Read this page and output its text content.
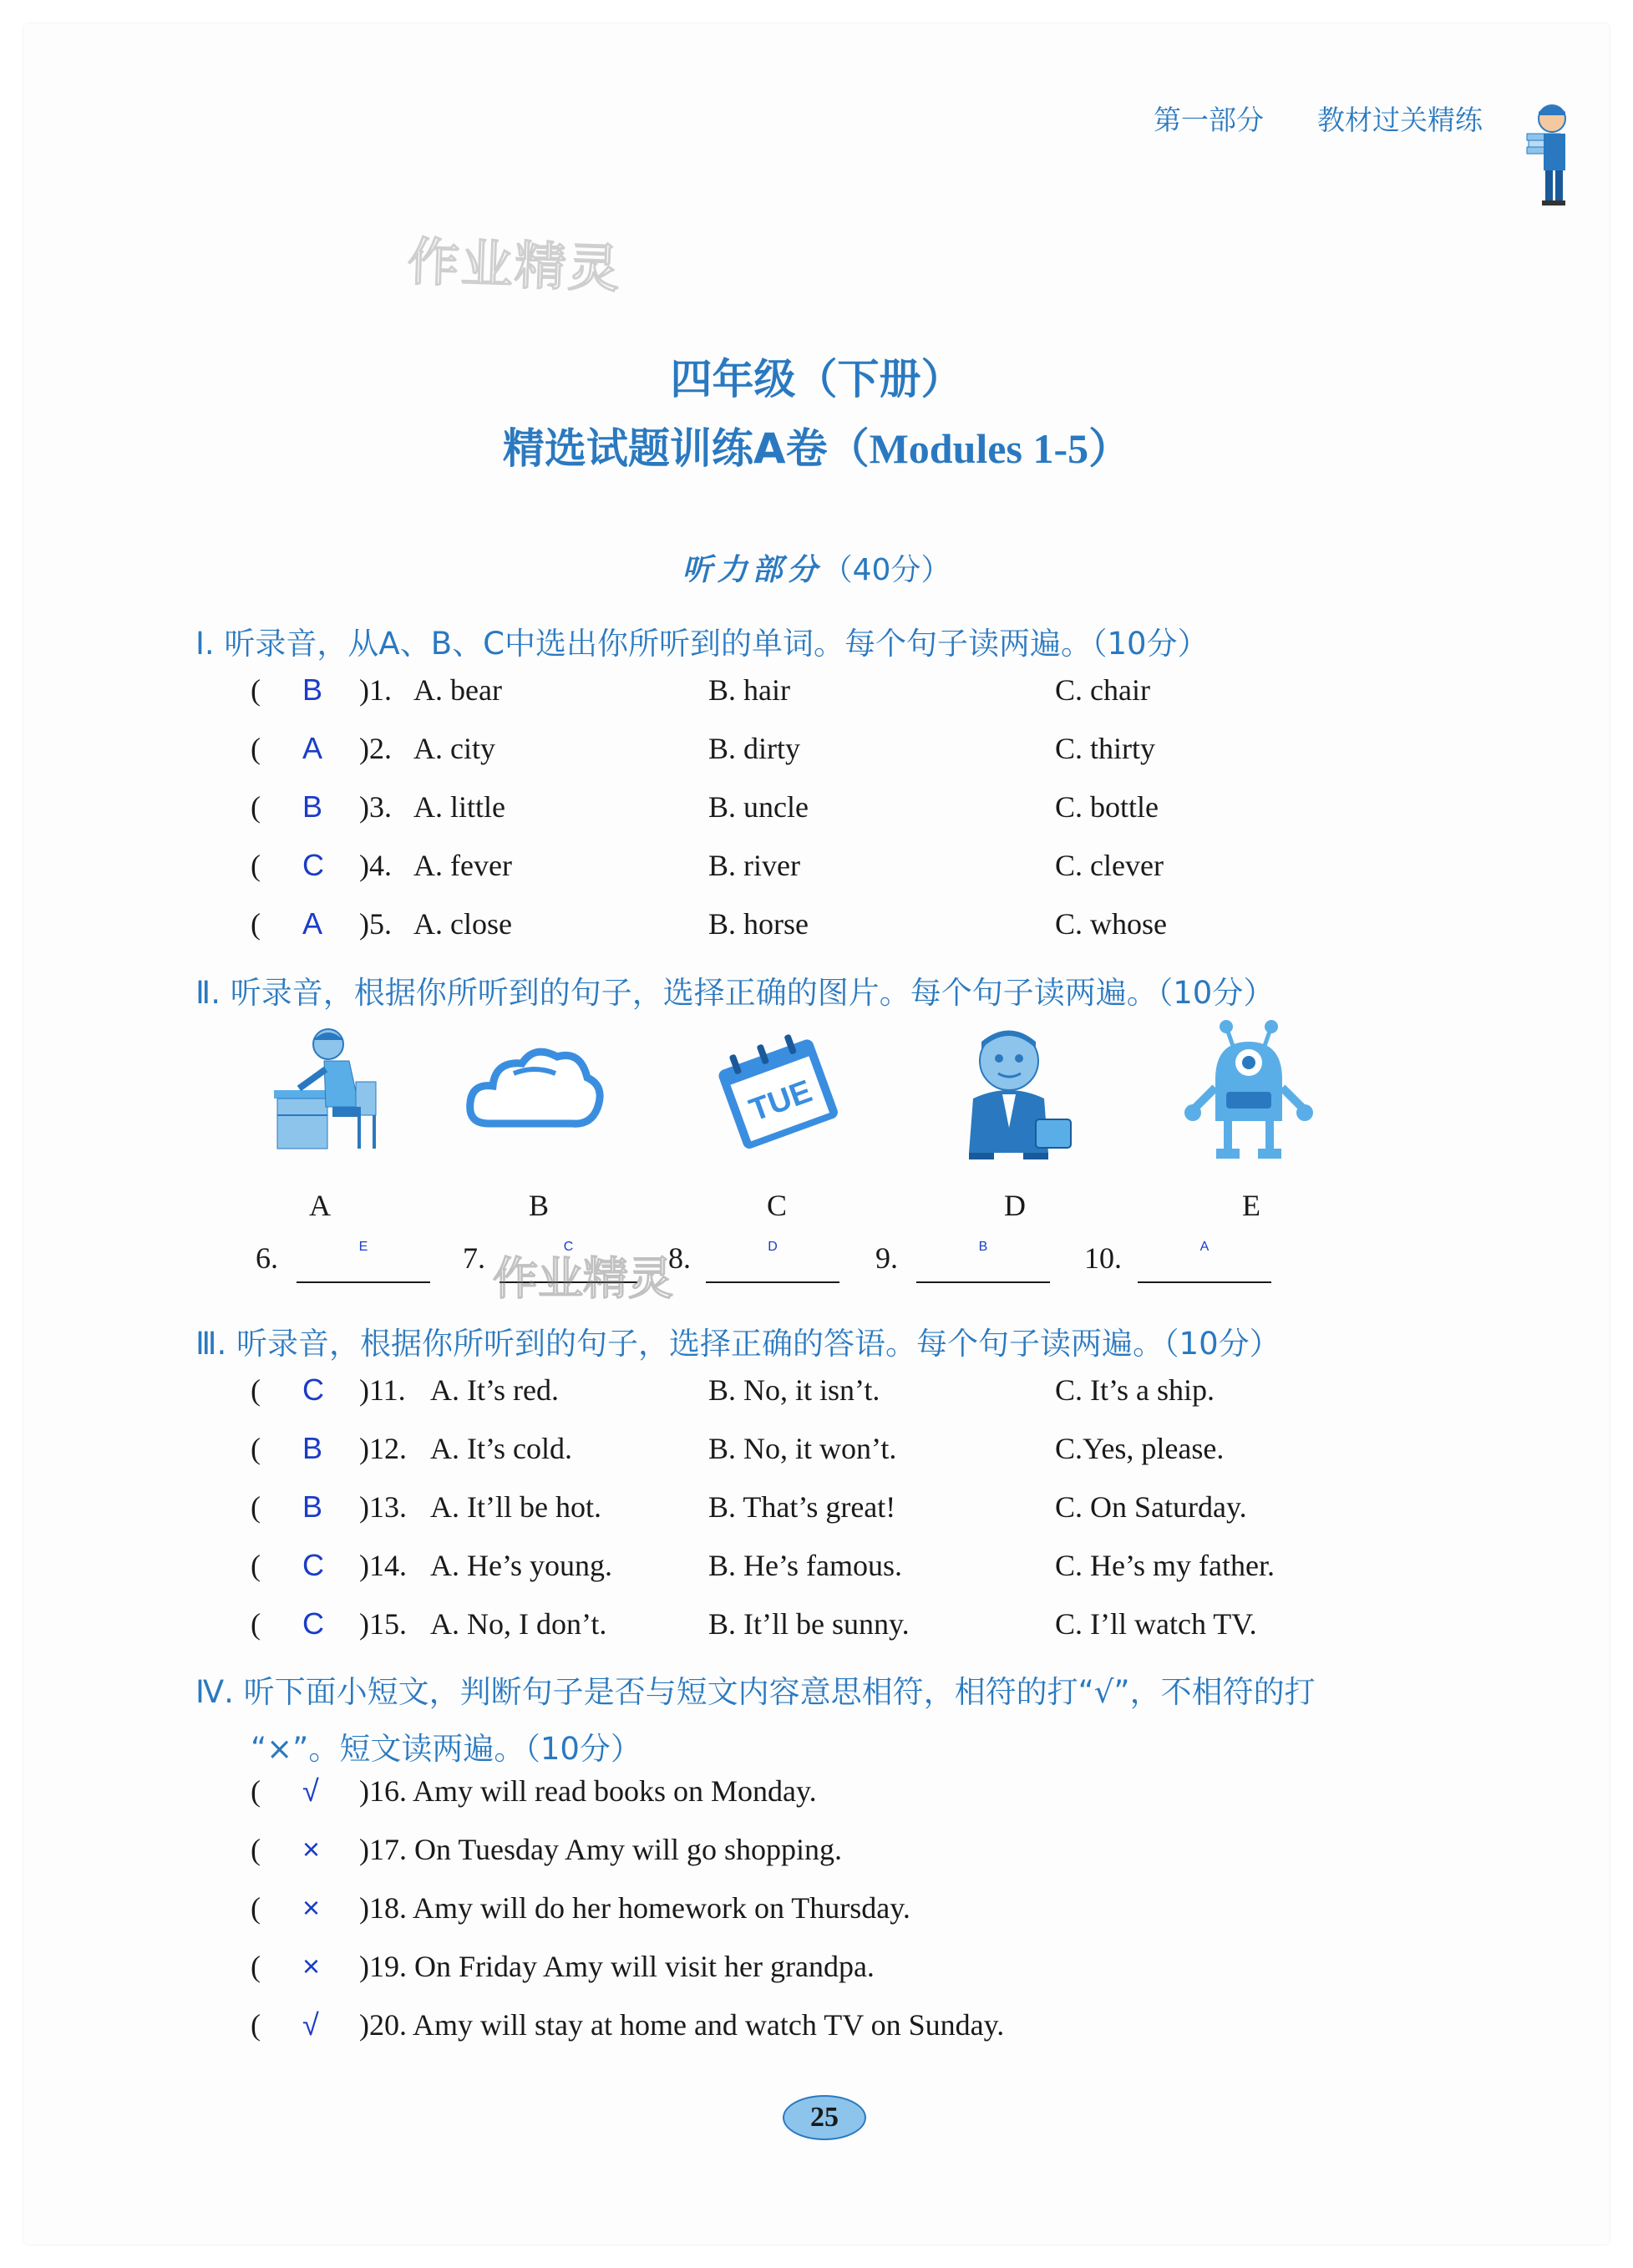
第一部分 教材过关精练
作业精灵
四年级（下册）
精选试题训练A卷（Modules 1-5）
听力部分（40分）
Ⅰ. 听录音，从A、B、C中选出你所听到的单词。每个句子读两遍。（10分）
( B )1. A. bear	B. hair	C. chair
( A )2. A. city	B. dirty	C. thirty
( B )3. A. little	B. uncle	C. bottle
( C )4. A. fever	B. river	C. clever
( A )5. A. close	B. horse	C. whose
Ⅱ. 听录音，根据你所听到的句子，选择正确的图片。每个句子读两遍。（10分）
TUE
A	B	C	D	E
6.	E	7.	C	8.	D	9.	B	10.	A
作业精灵
Ⅲ. 听录音，根据你所听到的句子，选择正确的答语。每个句子读两遍。（10分）
( C )11. A. It’s red.	B. No, it isn’t.	C. It’s a ship.
( B )12. A. It’s cold.	B. No, it won’t.	C.Yes, please.
( B )13. A. It’ll be hot.	B. That’s great!	C. On Saturday.
( C )14. A. He’s young.	B. He’s famous.	C. He’s my father.
( C )15. A. No, I don’t.	B. It’ll be sunny.	C. I’ll watch TV.
Ⅳ. 听下面小短文，判断句子是否与短文内容意思相符，相符的打“√”，不相符的打
“×”。短文读两遍。（10分）
( √ )16. Amy will read books on Monday.
( × )17. On Tuesday Amy will go shopping.
( × )18. Amy will do her homework on Thursday.
( × )19. On Friday Amy will visit her grandpa.
( √ )20. Amy will stay at home and watch TV on Sunday.
25
